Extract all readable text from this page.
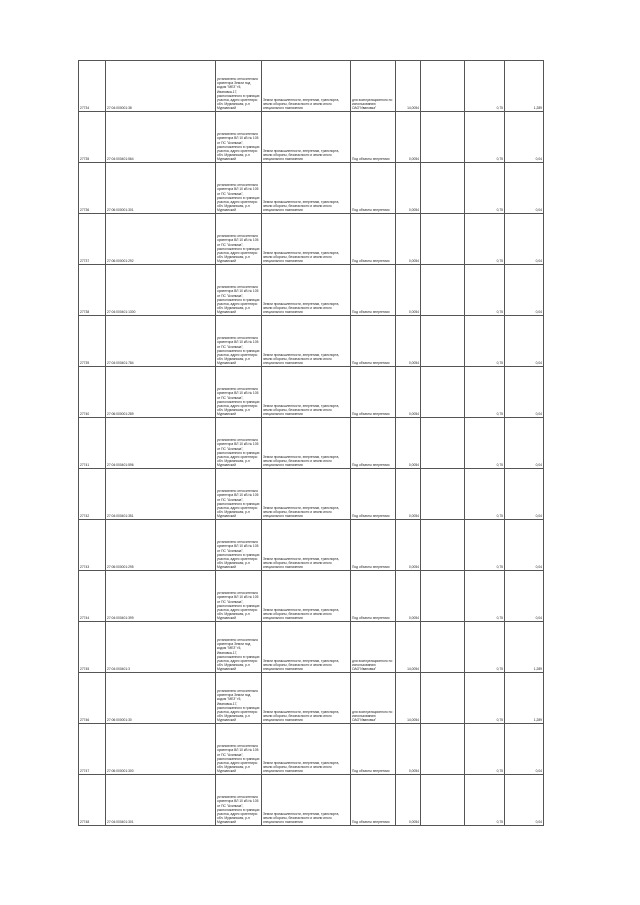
27734	27:04:000001:38	установлено относительно ориентира Земли под кодом "МЕЗ" г5, Ивановка-17, расположенного в границах участка, адрес ориентира: обл. Мурманская, р-н Мурманский	Земли промышленности, энергетики, транспорта, земли обороны, безопасности и земли иного специального назначения	для эксплуатационного по использованию ОАО"Ивановка"	14,0054		0,75	1,289
27735	27:04:000401:564	установлено относительно ориентира ВЛ 10 кВ № 105 от ПС "Ахиньма", расположенного в границах участка, адрес ориентира: обл. Мурманская, р-н Мурманский	Земли промышленности, энергетики, транспорта, земли обороны, безопасности и земли иного специального назначения	Под объекты энергетики	0,0054		0,75	0,04
27736	27:06:000001:301	установлено относительно ориентира ВЛ 10 кВ № 105 от ПС "Ахиньма", расположенного в границах участка, адрес ориентира: обл. Мурманская, р-н Мурманский	Земли промышленности, энергетики, транспорта, земли обороны, безопасности и земли иного специального назначения	Под объекты энергетики	0,0054		0,75	0,04
27737	27:06:000001:292	установлено относительно ориентира ВЛ 10 кВ № 105 от ПС "Ахиньма", расположенного в границах участка, адрес ориентира: обл. Мурманская, р-н Мурманский	Земли промышленности, энергетики, транспорта, земли обороны, безопасности и земли иного специального назначения	Под объекты энергетики	0,0054		0,75	0,04
27738	27:04:000401:1300	установлено относительно ориентира ВЛ 10 кВ № 105 от ПС "Ахиньма", расположенного в границах участка, адрес ориентира: обл. Мурманская, р-н Мурманский	Земли промышленности, энергетики, транспорта, земли обороны, безопасности и земли иного специального назначения	Под объекты энергетики	0,0054		0,75	0,04
27739	27:04:000401:784	установлено относительно ориентира ВЛ 10 кВ № 105 от ПС "Ахиньма", расположенного в границах участка, адрес ориентира: обл. Мурманская, р-н Мурманский	Земли промышленности, энергетики, транспорта, земли обороны, безопасности и земли иного специального назначения	Под объекты энергетики	0,0054		0,75	0,04
27740	27:06:000001:289	установлено относительно ориентира ВЛ 10 кВ № 105 от ПС "Ахиньма", расположенного в границах участка, адрес ориентира: обл. Мурманская, р-н Мурманский	Земли промышленности, энергетики, транспорта, земли обороны, безопасности и земли иного специального назначения	Под объекты энергетики	0,0054		0,75	0,04
27741	27:04:000401:596	установлено относительно ориентира ВЛ 10 кВ № 105 от ПС "Ахиньма", расположенного в границах участка, адрес ориентира: обл. Мурманская, р-н Мурманский	Земли промышленности, энергетики, транспорта, земли обороны, безопасности и земли иного специального назначения	Под объекты энергетики	0,0054		0,75	0,04
27742	27:04:000401:351	установлено относительно ориентира ВЛ 10 кВ № 105 от ПС "Ахиньма", расположенного в границах участка, адрес ориентира: обл. Мурманская, р-н Мурманский	Земли промышленности, энергетики, транспорта, земли обороны, безопасности и земли иного специального назначения	Под объекты энергетики	0,0054		0,75	0,04
27743	27:06:000001:295	установлено относительно ориентира ВЛ 10 кВ № 105 от ПС "Ахиньма", расположенного в границах участка, адрес ориентира: обл. Мурманская, р-н Мурманский	Земли промышленности, энергетики, транспорта, земли обороны, безопасности и земли иного специального назначения	Под объекты энергетики	0,0054		0,75	0,04
27744	27:04:000401:399	установлено относительно ориентира ВЛ 10 кВ № 105 от ПС "Ахиньма", расположенного в границах участка, адрес ориентира: обл. Мурманская, р-н Мурманский	Земли промышленности, энергетики, транспорта, земли обороны, безопасности и земли иного специального назначения	Под объекты энергетики	0,0054		0,75	0,04
27745	27:04:000401:3	установлено относительно ориентира Земли под кодом "МЕЗ" г5, Ивановка-17, расположенного в границах участка, адрес ориентира: обл. Мурманская, р-н Мурманский	Земли промышленности, энергетики, транспорта, земли обороны, безопасности и земли иного специального назначения	для эксплуатационного по использованию ОАО"Ивановка"	14,0054		0,75	1,289
27746	27:06:000001:30	установлено относительно ориентира Земли под кодом "МЕЗ" г5, Ивановка-17, расположенного в границах участка, адрес ориентира: обл. Мурманская, р-н Мурманский	Земли промышленности, энергетики, транспорта, земли обороны, безопасности и земли иного специального назначения	для эксплуатационного по использованию ОАО"Ивановка"	14,0054		0,75	1,289
27747	27:06:000001:300	установлено относительно ориентира ВЛ 10 кВ № 105 от ПС "Ахиньма", расположенного в границах участка, адрес ориентира: обл. Мурманская, р-н Мурманский	Земли промышленности, энергетики, транспорта, земли обороны, безопасности и земли иного специального назначения	Под объекты энергетики	0,0054		0,75	0,04
27748	27:04:000401:301	установлено относительно ориентира ВЛ 10 кВ № 105 от ПС "Ахиньма", расположенного в границах участка, адрес ориентира: обл. Мурманская, р-н Мурманский	Земли промышленности, энергетики, транспорта, земли обороны, безопасности и земли иного специального назначения	Под объекты энергетики	0,0054		0,75	0,04
